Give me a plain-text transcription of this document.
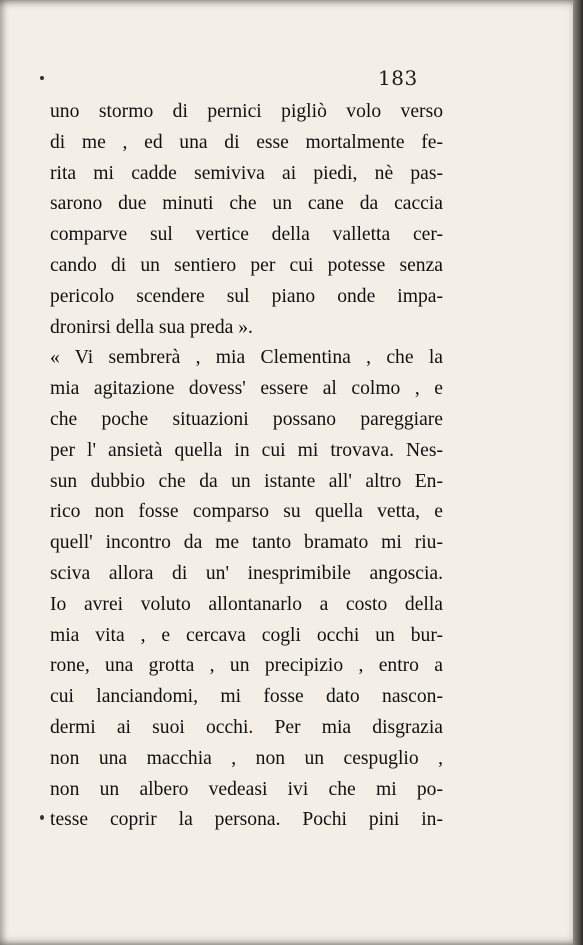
183
uno stormo di pernici pigliò volo verso
di me , ed una di esse mortalmente fe-
rita mi cadde semiviva ai piedi, nè pas-
sarono due minuti che un cane da caccia
comparve sul vertice della valletta cer-
cando di un sentiero per cui potesse senza
pericolo scendere sul piano onde impa-
dronirsi della sua preda ».
« Vi sembrerà , mia Clementina , che la
mia agitazione dovess' essere al colmo , e
che poche situazioni possano pareggiare
per l' ansietà quella in cui mi trovava. Nes-
sun dubbio che da un istante all' altro En-
rico non fosse comparso su quella vetta, e
quell' incontro da me tanto bramato mi riu-
sciva allora di un' inesprimibile angoscia.
Io avrei voluto allontanarlo a costo della
mia vita , e cercava cogli occhi un bur-
rone, una grotta , un precipizio , entro a
cui lanciandomi, mi fosse dato nascon-
dermi ai suoi occhi. Per mia disgrazia
non una macchia , non un cespuglio ,
non un albero vedeasi ivi che mi po-
tesse coprir la persona. Pochi pini in-
